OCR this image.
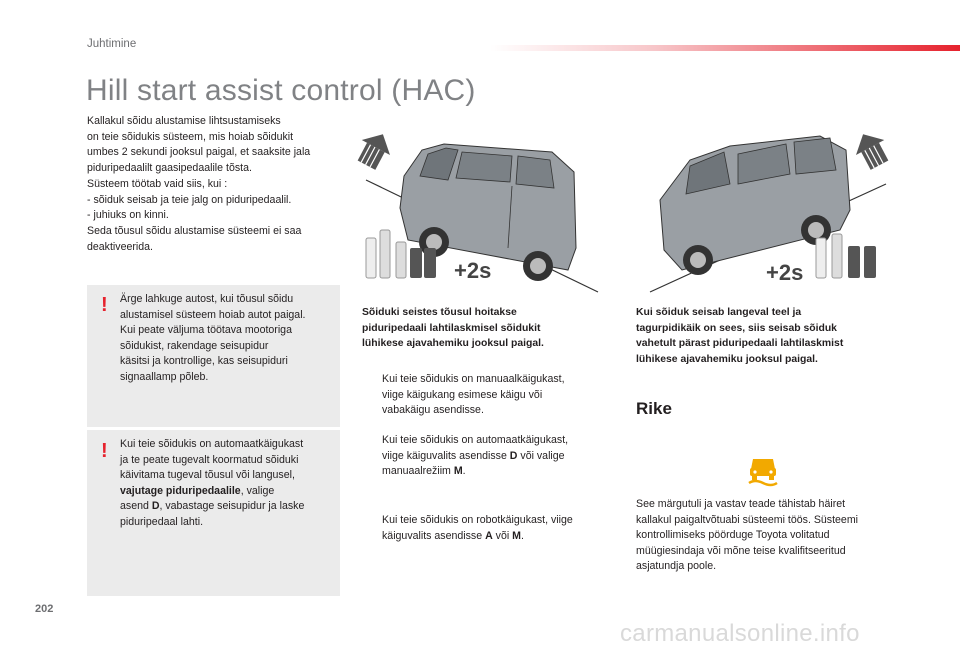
Juhtimine
Hill start assist control (HAC)
Kallakul sõidu alustamise lihtsustamiseks
on teie sõidukis süsteem, mis hoiab sõidukit
umbes 2 sekundi jooksul paigal, et saaksite jala
piduripedaalilt gaasipedaalile tõsta.
Süsteem töötab vaid siis, kui :
- sõiduk seisab ja teie jalg on piduripedaalil.
- juhiuks on kinni.
Seda tõusul sõidu alustamise süsteemi ei saa
deaktiveerida.
! Ärge lahkuge autost, kui tõusul sõidu
alustamisel süsteem hoiab autot paigal.
Kui peate väljuma töötava mootoriga
sõidukist, rakendage seisupidur
käsitsi ja kontrollige, kas seisupiduri
signaallamp põleb.
! Kui teie sõidukis on automaatkäigukast
ja te peate tugevalt koormatud sõiduki
käivitama tugeval tõusul või langusel,
vajutage piduripedaalile, valige
asend D, vabastage seisupidur ja laske
piduripedaal lahti.
+2s	+2s
Sõiduki seistes tõusul hoitakse
piduripedaali lahtilaskmisel sõidukit
lühikese ajavahemiku jooksul paigal.
Kui sõiduk seisab langeval teel ja
tagurpidikäik on sees, siis seisab sõiduk
vahetult pärast piduripedaali lahtilaskmist
lühikese ajavahemiku jooksul paigal.
Kui teie sõidukis on manuaalkäigukast,
viige käigukang esimese käigu või
vabakäigu asendisse.
Kui teie sõidukis on automaatkäigukast,
viige käiguvalits asendisse D või valige
manuaalrežiim M.
Kui teie sõidukis on robotkäigukast, viige
käiguvalits asendisse A või M.
Rike
See märgutuli ja vastav teade tähistab häiret
kallakul paigaltvõtuabi süsteemi töös. Süsteemi
kontrollimiseks pöörduge Toyota volitatud
müügiesindaja või mõne teise kvalifitseeritud
asjatundja poole.
202
carmanualsonline.info
